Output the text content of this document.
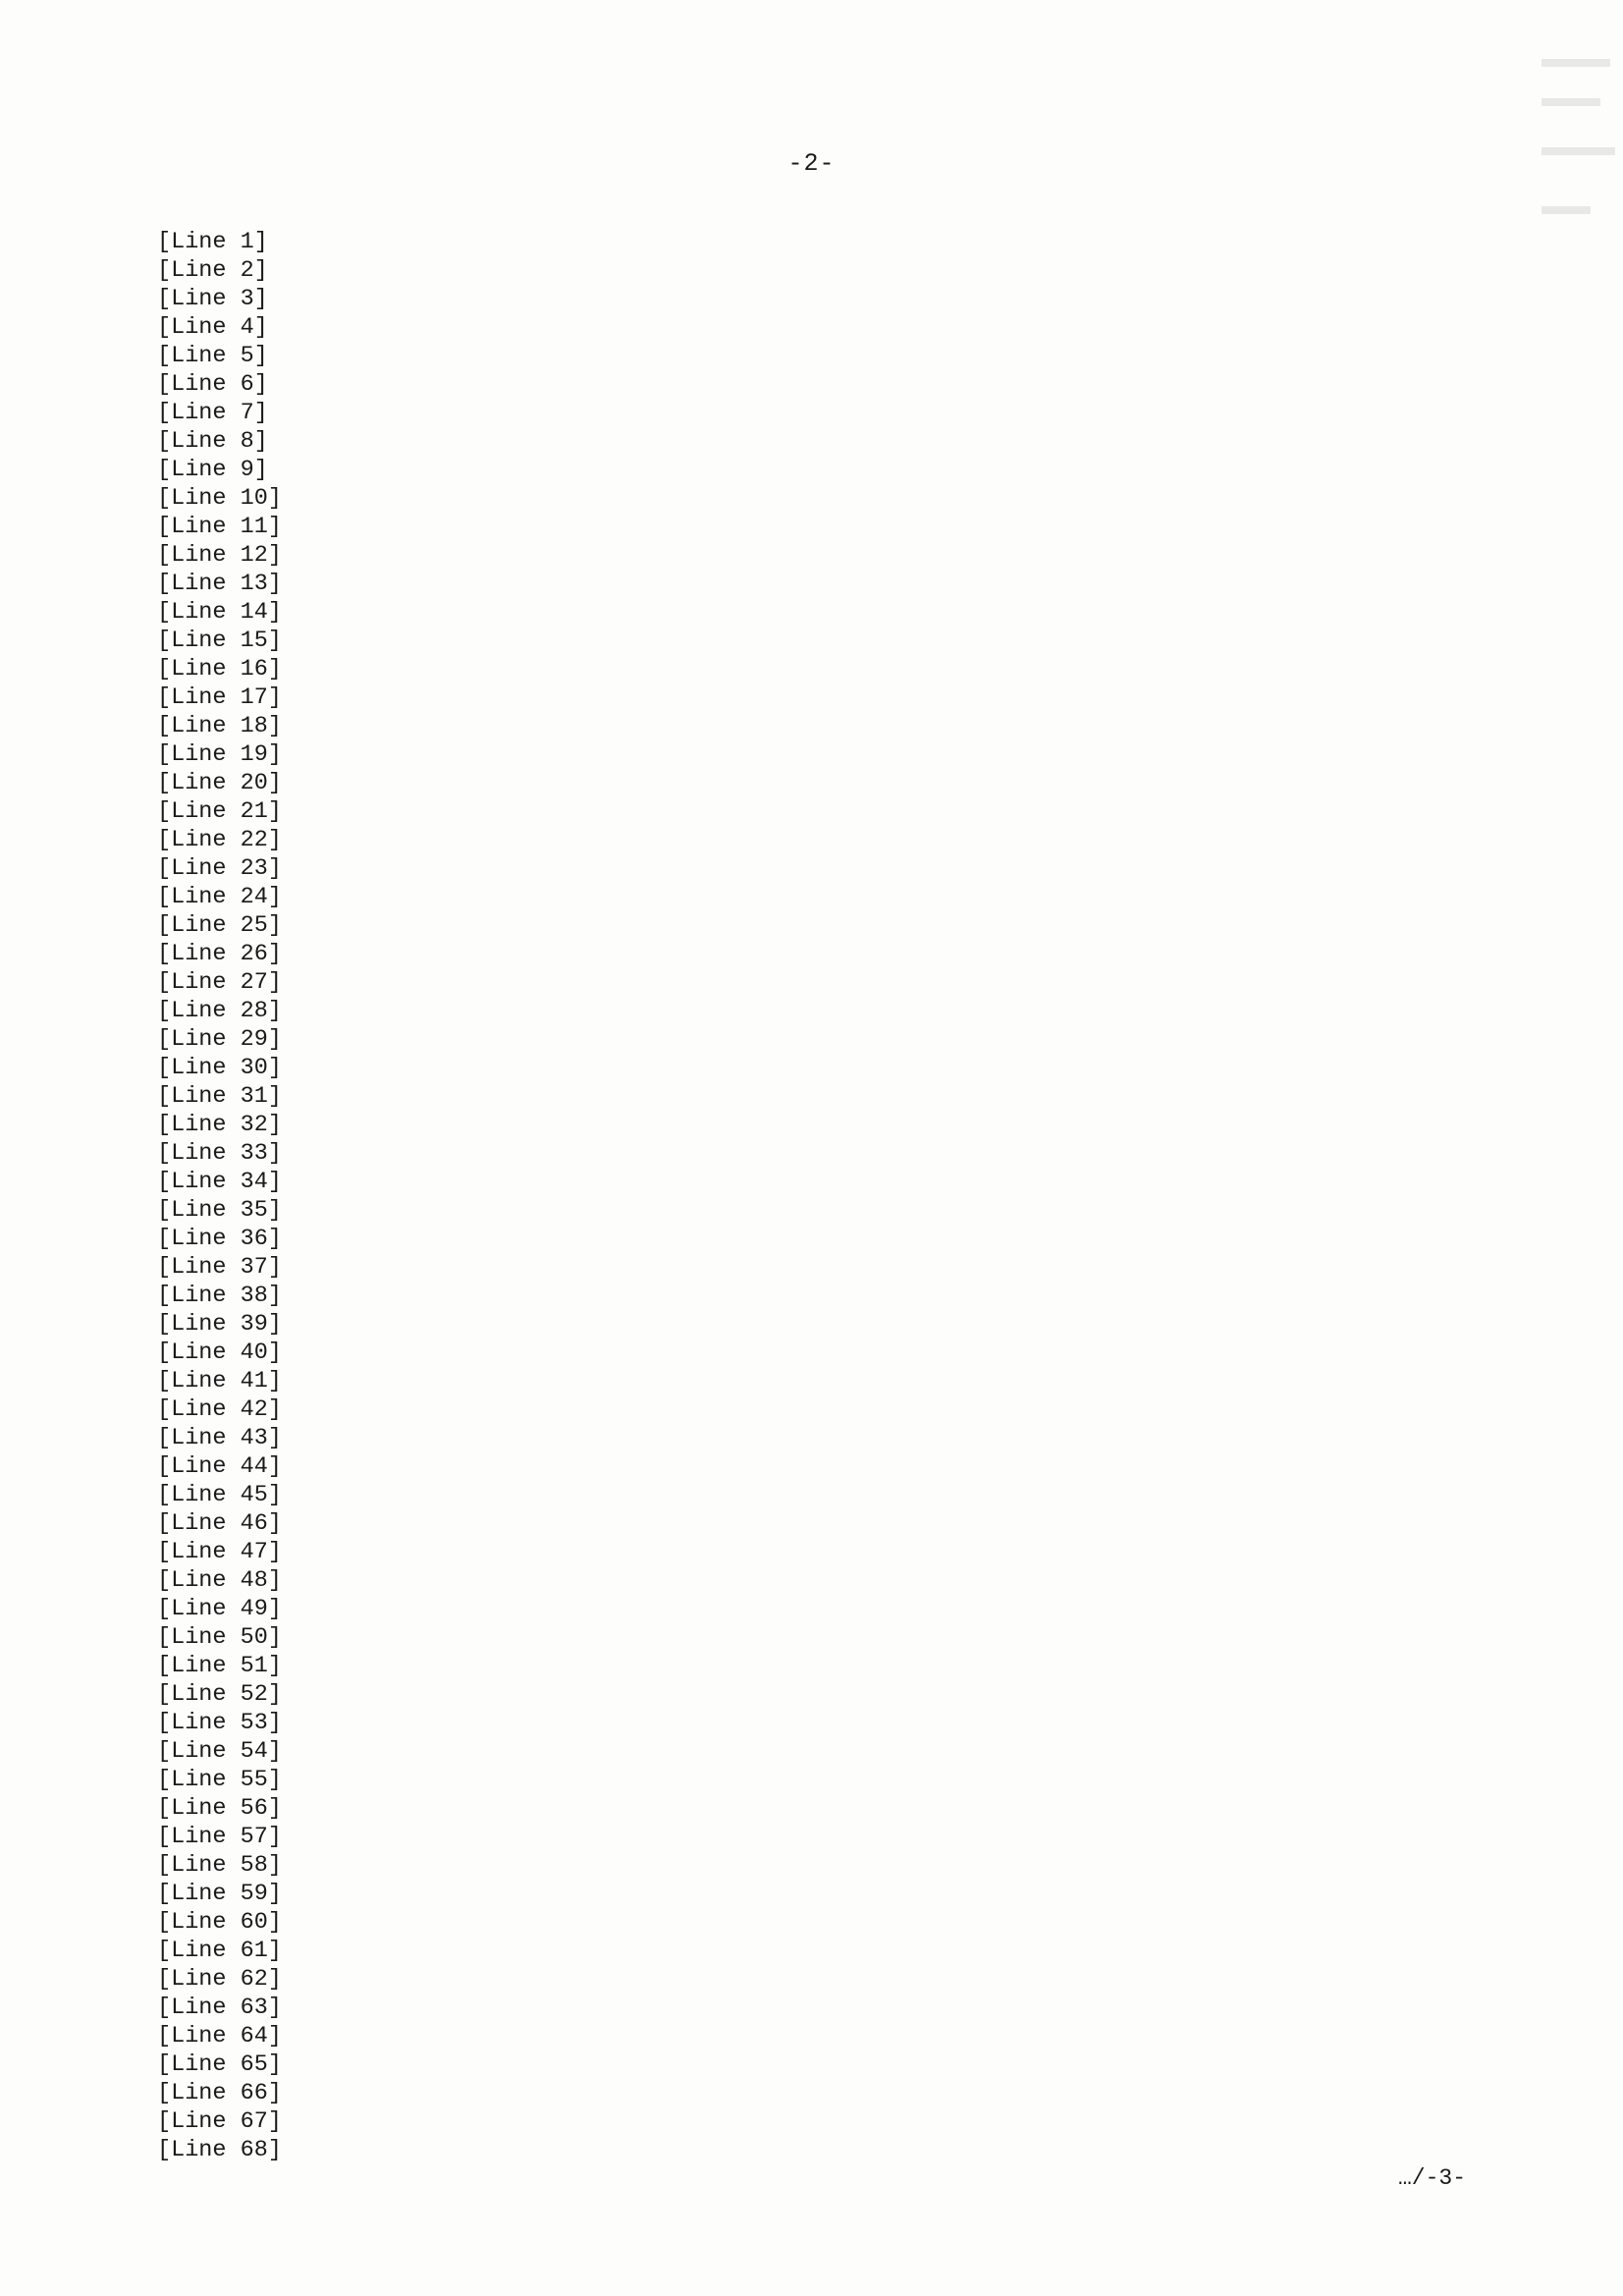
-2-
[Line 1]
[Line 2]
[Line 3]
[Line 4]
[Line 5]
[Line 6]
[Line 7]
[Line 8]
[Line 9]
[Line 10]
[Line 11]
[Line 12]
[Line 13]
[Line 14]
[Line 15]
[Line 16]
[Line 17]
[Line 18]
[Line 19]
[Line 20]
[Line 21]
[Line 22]
[Line 23]
[Line 24]
[Line 25]
[Line 26]
[Line 27]
[Line 28]
[Line 29]
[Line 30]
[Line 31]
[Line 32]
[Line 33]
[Line 34]
[Line 35]
[Line 36]
[Line 37]
[Line 38]
[Line 39]
[Line 40]
[Line 41]
[Line 42]
[Line 43]
[Line 44]
[Line 45]
[Line 46]
[Line 47]
[Line 48]
[Line 49]
[Line 50]
[Line 51]
[Line 52]
[Line 53]
[Line 54]
[Line 55]
[Line 56]
[Line 57]
[Line 58]
[Line 59]
[Line 60]
[Line 61]
[Line 62]
[Line 63]
[Line 64]
[Line 65]
[Line 66]
[Line 67]
[Line 68]
…/-3-
